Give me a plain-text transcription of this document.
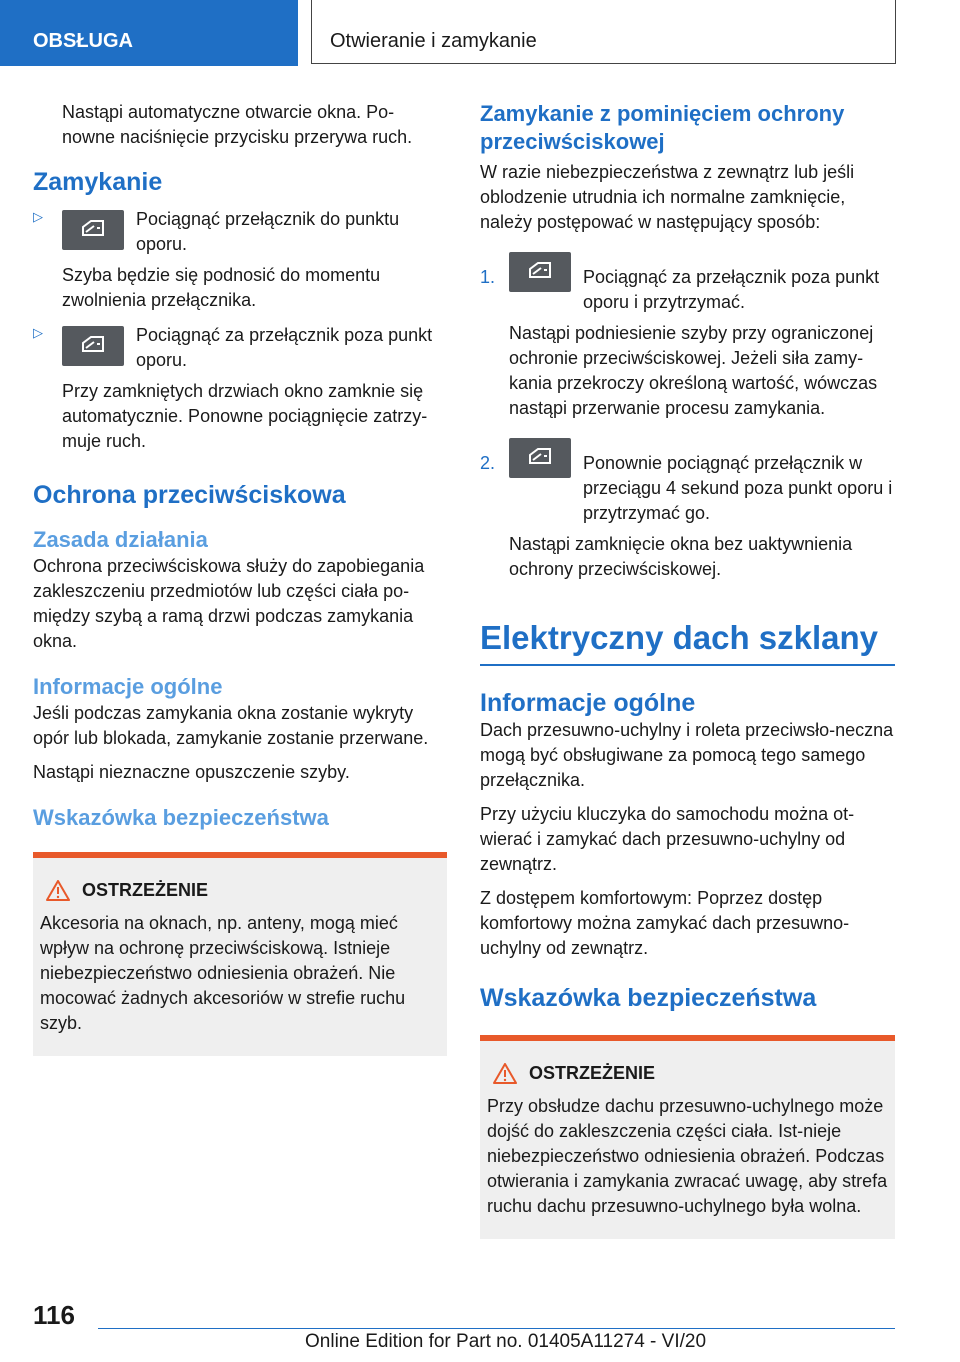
OBSŁUGA	Otwieranie i zamykanie

Nastąpi automatyczne otwarcie okna. Po-nowne naciśnięcie przycisku przerywa ruch.

Zamykanie
▷	Pociągnąć przełącznik do punktu oporu.

Szyba będzie się podnosić do momentu zwolnienia przełącznika.

▷	Pociągnąć za przełącznik poza punkt oporu.

Przy zamkniętych drzwiach okno zamknie się automatycznie. Ponowne pociągnięcie zatrzy-muje ruch.

Ochrona przeciwściskowa
Zasada działania

Ochrona przeciwściskowa służy do zapobiegania zakleszczeniu przedmiotów lub części ciała po-między szybą a ramą drzwi podczas zamykania okna.

Informacje ogólne

Jeśli podczas zamykania okna zostanie wykryty opór lub blokada, zamykanie zostanie przerwane.

Nastąpi nieznaczne opuszczenie szyby.

Wskazówka bezpieczeństwa
OSTRZEŻENIE

Akcesoria na oknach, np. anteny, mogą mieć wpływ na ochronę przeciwściskową. Istnieje niebezpieczeństwo odniesienia obrażeń. Nie mocować żadnych akcesoriów w strefie ruchu szyb.

Zamykanie z pominięciem ochrony przeciwściskowej

W razie niebezpieczeństwa z zewnątrz lub jeśli oblodzenie utrudnia ich normalne zamknięcie, należy postępować w następujący sposób:

1.	Pociągnąć za przełącznik poza punkt oporu i przytrzymać.

Nastąpi podniesienie szyby przy ograniczonej ochronie przeciwściskowej. Jeżeli siła zamy-kania przekroczy określoną wartość, wówczas nastąpi przerwanie procesu zamykania.

2.	Ponownie pociągnąć przełącznik w przeciągu 4 sekund poza punkt oporu i przytrzymać go.

Nastąpi zamknięcie okna bez uaktywnienia ochrony przeciwściskowej.

Elektryczny dach szklany
Informacje ogólne

Dach przesuwno-uchylny i roleta przeciwsło-neczna mogą być obsługiwane za pomocą tego samego przełącznika.

Przy użyciu kluczyka do samochodu można ot-wierać i zamykać dach przesuwno-uchylny od zewnątrz.

Z dostępem komfortowym: Poprzez dostęp komfortowy można zamykać dach przesuwno-uchylny od zewnątrz.

Wskazówka bezpieczeństwa
OSTRZEŻENIE

Przy obsłudze dachu przesuwno-uchylnego może dojść do zakleszczenia części ciała. Ist-nieje niebezpieczeństwo odniesienia obrażeń. Podczas otwierania i zamykania zwracać uwagę, aby strefa ruchu dachu przesuwno-uchylnego była wolna.

116
Online Edition for Part no. 01405A11274 - VI/20
